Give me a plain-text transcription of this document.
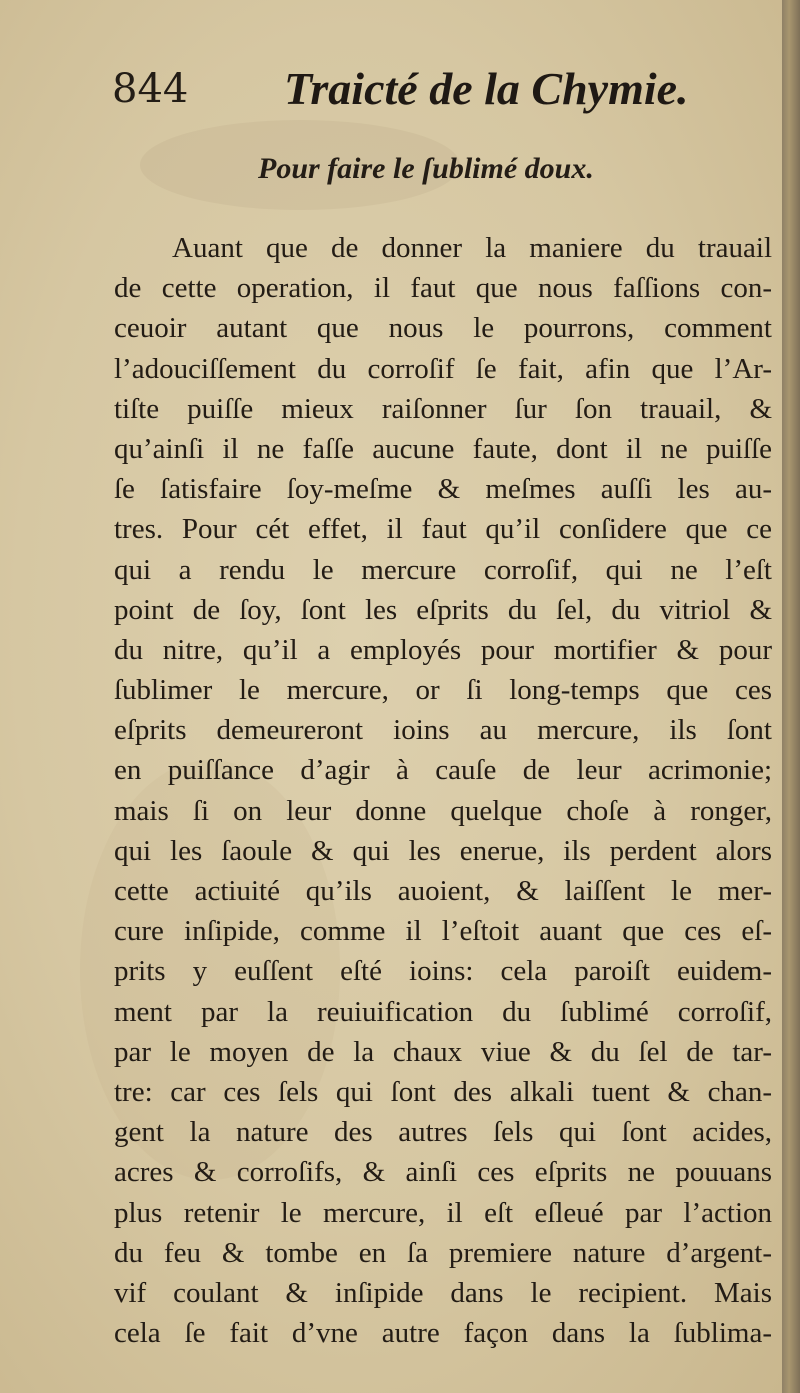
844 Traicté de la Chymie.
Pour faire le ſublimé doux.
Auant que de donner la maniere du trauail
de cette operation, il faut que nous faſſions con-
ceuoir autant que nous le pourrons, comment
l’adouciſſement du corroſif ſe fait, afin que l’Ar-
tiſte puiſſe mieux raiſonner ſur ſon trauail, &
qu’ainſi il ne faſſe aucune faute, dont il ne puiſſe
ſe ſatisfaire ſoy-meſme & meſmes auſſi les au-
tres. Pour cét effet, il faut qu’il conſidere que ce
qui a rendu le mercure corroſif, qui ne l’eſt
point de ſoy, ſont les eſprits du ſel, du vitriol &
du nitre, qu’il a employés pour mortifier & pour
ſublimer le mercure, or ſi long-temps que ces
eſprits demeureront ioins au mercure, ils ſont
en puiſſance d’agir à cauſe de leur acrimonie;
mais ſi on leur donne quelque choſe à ronger,
qui les ſaoule & qui les enerue, ils perdent alors
cette actiuité qu’ils auoient, & laiſſent le mer-
cure inſipide, comme il l’eſtoit auant que ces eſ-
prits y euſſent eſté ioins: cela paroiſt euidem-
ment par la reuiuification du ſublimé corroſif,
par le moyen de la chaux viue & du ſel de tar-
tre: car ces ſels qui ſont des alkali tuent & chan-
gent la nature des autres ſels qui ſont acides,
acres & corroſifs, & ainſi ces eſprits ne pouuans
plus retenir le mercure, il eſt eſleué par l’action
du feu & tombe en ſa premiere nature d’argent-
vif coulant & inſipide dans le recipient. Mais
cela ſe fait d’vne autre façon dans la ſublima-
